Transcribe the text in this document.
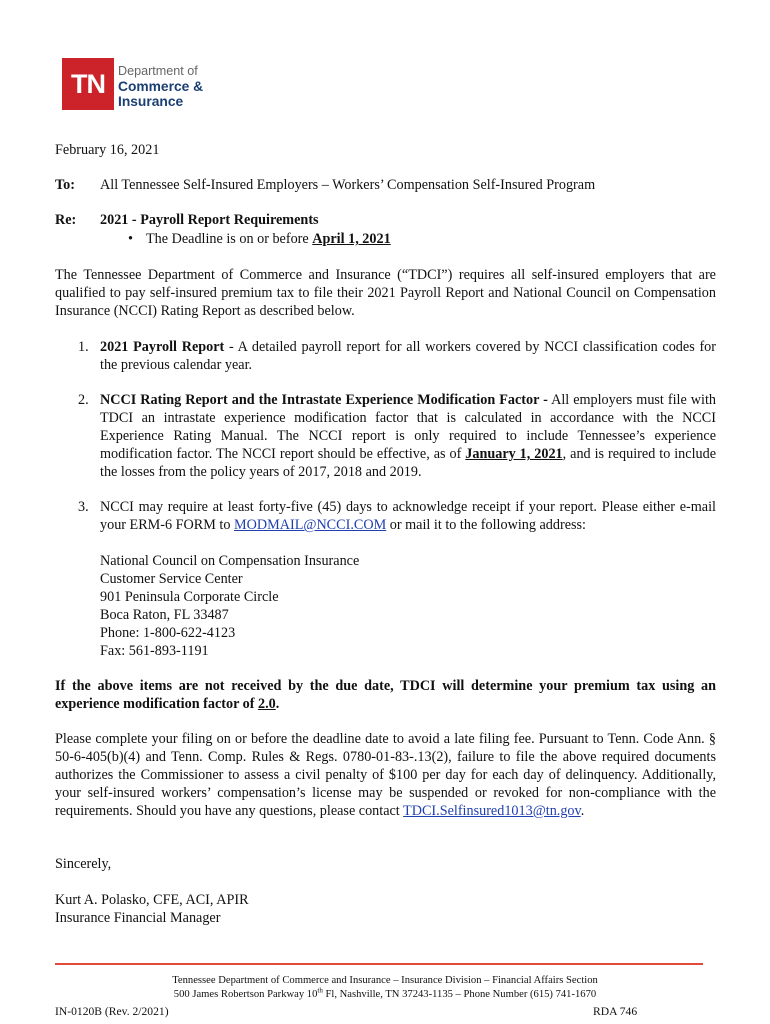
TN	Department of
Commerce &
Insurance
February 16, 2021
To: All Tennessee Self-Insured Employers – Workers’ Compensation Self-Insured Program
Re: 2021 - Payroll Report Requirements
• The Deadline is on or before April 1, 2021
The Tennessee Department of Commerce and Insurance (“TDCI”) requires all self-insured employers that are qualified to pay self-insured premium tax to file their 2021 Payroll Report and National Council on Compensation Insurance (NCCI) Rating Report as described below.
1. 2021 Payroll Report - A detailed payroll report for all workers covered by NCCI classification codes for the previous calendar year.
2. NCCI Rating Report and the Intrastate Experience Modification Factor - All employers must file with TDCI an intrastate experience modification factor that is calculated in accordance with the NCCI Experience Rating Manual. The NCCI report is only required to include Tennessee’s experience modification factor. The NCCI report should be effective, as of January 1, 2021, and is required to include the losses from the policy years of 2017, 2018 and 2019.
3. NCCI may require at least forty-five (45) days to acknowledge receipt if your report. Please either e-mail your ERM-6 FORM to MODMAIL@NCCI.COM or mail it to the following address:
National Council on Compensation Insurance
Customer Service Center
901 Peninsula Corporate Circle
Boca Raton, FL 33487
Phone: 1-800-622-4123
Fax: 561-893-1191
If the above items are not received by the due date, TDCI will determine your premium tax using an experience modification factor of 2.0.
Please complete your filing on or before the deadline date to avoid a late filing fee. Pursuant to Tenn. Code Ann. § 50-6-405(b)(4) and Tenn. Comp. Rules & Regs. 0780-01-83-.13(2), failure to file the above required documents authorizes the Commissioner to assess a civil penalty of $100 per day for each day of delinquency. Additionally, your self-insured workers’ compensation’s license may be suspended or revoked for non-compliance with the requirements. Should you have any questions, please contact TDCI.Selfinsured1013@tn.gov.
Sincerely,
Kurt A. Polasko, CFE, ACI, APIR
Insurance Financial Manager
Tennessee Department of Commerce and Insurance – Insurance Division – Financial Affairs Section
500 James Robertson Parkway 10th Fl, Nashville, TN 37243-1135 – Phone Number (615) 741-1670
IN-0120B (Rev. 2/2021)	RDA 746
